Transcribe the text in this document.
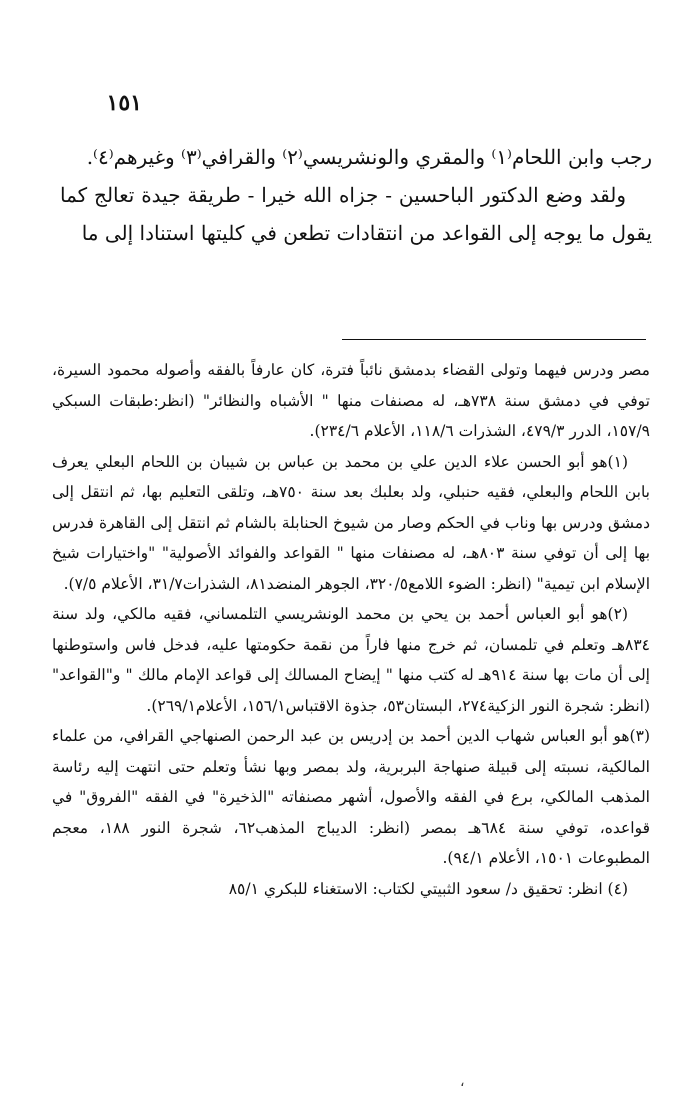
١٥١

رجب وابن اللحام⁽١⁾ والمقري والونشريسي⁽٢⁾ والقرافي⁽٣⁾ وغيرهم⁽٤⁾.

ولقد وضع الدكتور الباحسين - جزاه الله خيرا - طريقة جيدة تعالج كما يقول ما يوجه إلى القواعد من انتقادات تطعن في كليتها استنادا إلى ما

مصر ودرس فيهما وتولى القضاء بدمشق نائباً فترة، كان عارفاً بالفقه وأصوله محمود السيرة، توفي في دمشق سنة ٧٣٨هـ، له مصنفات منها " الأشباه والنظائر" (انظر:طبقات السبكي ١٥٧/٩، الدرر ٤٧٩/٣، الشذرات ١١٨/٦، الأعلام ٢٣٤/٦).

(١)هو أبو الحسن علاء الدين علي بن محمد بن عباس بن شيبان بن اللحام البعلي يعرف بابن اللحام والبعلي، فقيه حنبلي، ولد بعلبك بعد سنة ٧٥٠هـ، وتلقى التعليم بها، ثم انتقل إلى دمشق ودرس بها وناب في الحكم وصار من شيوخ الحنابلة بالشام ثم انتقل إلى القاهرة فدرس بها إلى أن توفي سنة ٨٠٣هـ، له مصنفات منها " القواعد والفوائد الأصولية" "واختيارات شيخ الإسلام ابن تيمية" (انظر: الضوء اللامع٣٢٠/٥، الجوهر المنضد٨١، الشذرات٣١/٧، الأعلام ٧/٥).

(٢)هو أبو العباس أحمد بن يحي بن محمد الونشريسي التلمساني، فقيه مالكي، ولد سنة ٨٣٤هـ وتعلم في تلمسان، ثم خرج منها فاراً من نقمة حكومتها عليه، فدخل فاس واستوطنها إلى أن مات بها سنة ٩١٤هـ له كتب منها " إيضاح المسالك إلى قواعد الإمام مالك " و"القواعد"(انظر: شجرة النور الزكية٢٧٤، البستان٥٣، جذوة الاقتباس١٥٦/١، الأعلام٢٦٩/١).

(٣)هو أبو العباس شهاب الدين أحمد بن إدريس بن عبد الرحمن الصنهاجي القرافي، من علماء المالكية، نسبته إلى قبيلة صنهاجة البربرية، ولد بمصر وبها نشأ وتعلم حتى انتهت إليه رئاسة المذهب المالكي، برع في الفقه والأصول، أشهر مصنفاته "الذخيرة" في الفقه "الفروق" في قواعده، توفي سنة ٦٨٤هـ بمصر (انظر: الديباج المذهب٦٢، شجرة النور ١٨٨، معجم المطبوعات ١٥٠١، الأعلام ٩٤/١).

(٤) انظر: تحقيق د/ سعود الثبيتي لكتاب: الاستغناء للبكري ٨٥/١

،
